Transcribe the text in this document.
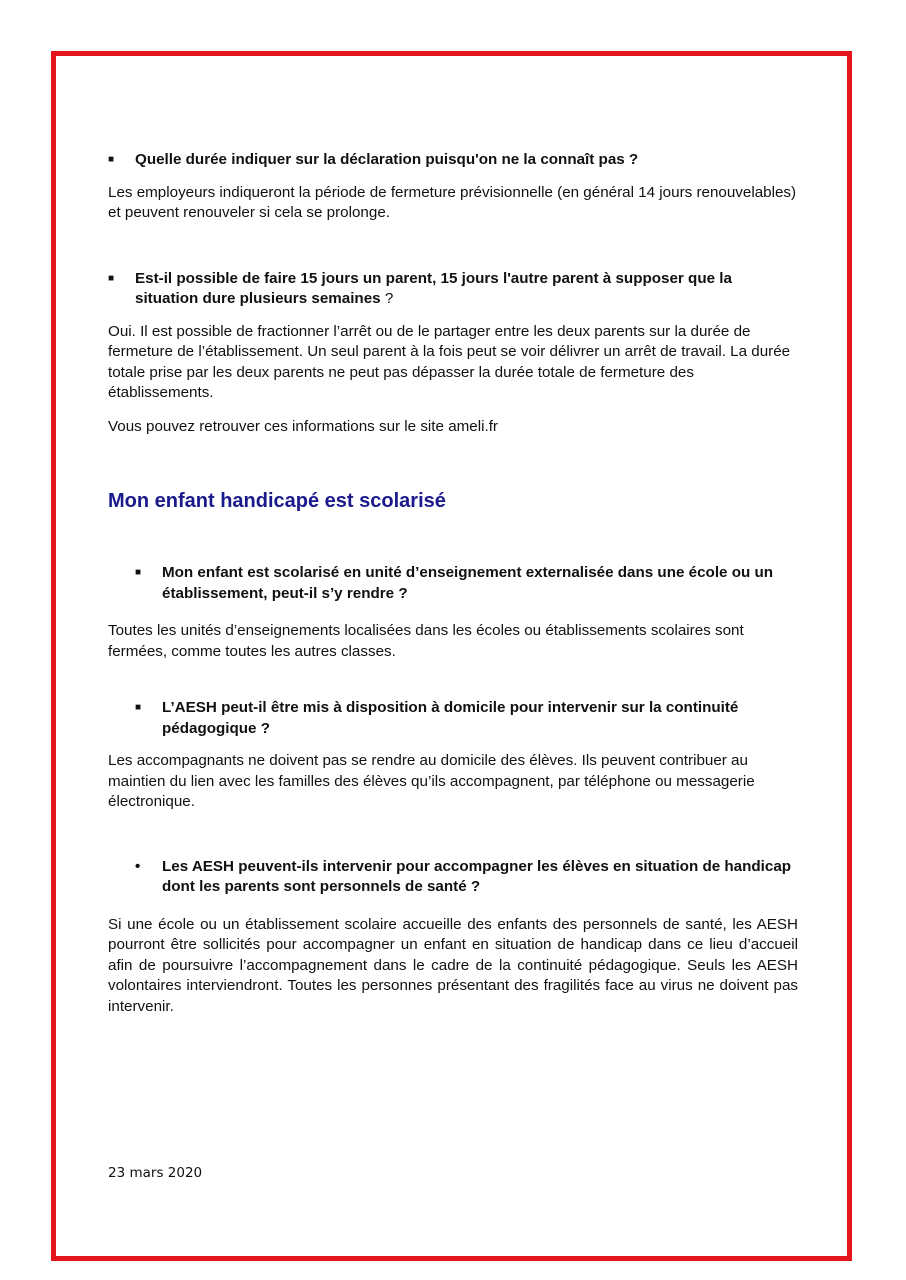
■	Quelle durée indiquer sur la déclaration puisqu'on ne la connaît pas ?

Les employeurs indiqueront la période de fermeture prévisionnelle (en général 14 jours renouvelables) et peuvent renouveler si cela se prolonge.

■	Est-il possible de faire 15 jours un parent, 15 jours l'autre parent à supposer que la situation dure plusieurs semaines ?

Oui. Il est possible de fractionner l’arrêt ou de le partager entre les deux parents sur la durée de fermeture de l’établissement. Un seul parent à la fois peut se voir délivrer un arrêt de travail. La durée totale prise par les deux parents ne peut pas dépasser la durée totale de fermeture des établissements.

Vous pouvez retrouver ces informations sur le site ameli.fr

Mon enfant handicapé est scolarisé
■	Mon enfant est scolarisé en unité d’enseignement externalisée dans une école ou un établissement, peut-il s’y rendre ?

Toutes les unités d’enseignements localisées dans les écoles ou établissements scolaires sont fermées, comme toutes les autres classes.

■	L’AESH peut-il être mis à disposition à domicile pour intervenir sur la continuité pédagogique ?

Les accompagnants ne doivent pas se rendre au domicile des élèves. Ils peuvent contribuer au maintien du lien avec les familles des élèves qu’ils accompagnent, par téléphone ou messagerie électronique.

•	Les AESH peuvent-ils intervenir pour accompagner les élèves en situation de handicap dont les parents sont personnels de santé ?

Si une école ou un établissement scolaire accueille des enfants des personnels de santé, les AESH pourront être sollicités pour accompagner un enfant en situation de handicap dans ce lieu d’accueil afin de poursuivre l’accompagnement dans le cadre de la continuité pédagogique. Seuls les AESH volontaires interviendront. Toutes les personnes présentant des fragilités face au virus ne doivent pas intervenir.

23 mars 2020
